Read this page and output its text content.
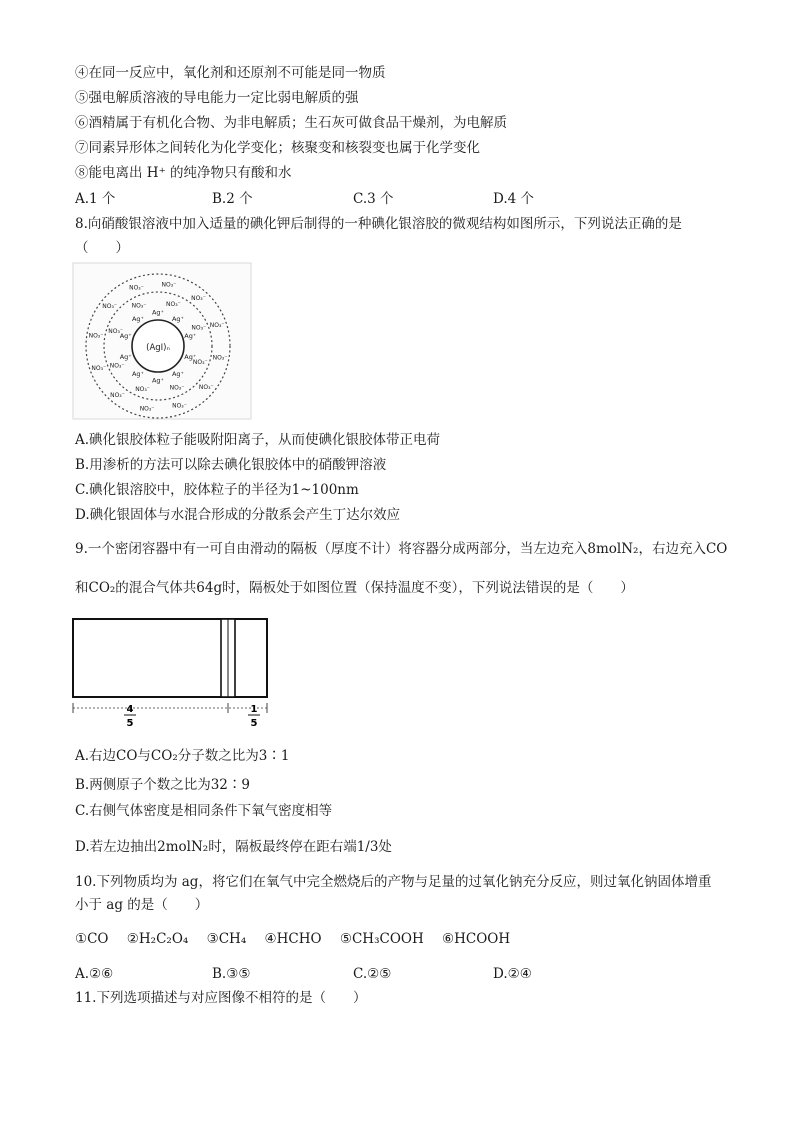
④在同一反应中，氧化剂和还原剂不可能是同一物质
⑤强电解质溶液的导电能力一定比弱电解质的强
⑥酒精属于有机化合物、为非电解质；生石灰可做食品干燥剂，为电解质
⑦同素异形体之间转化为化学变化；核聚变和核裂变也属于化学变化
⑧能电离出 H⁺ 的纯净物只有酸和水
A.1 个	B.2 个	C.3 个	D.4 个
8.向硝酸银溶液中加入适量的碘化钾后制得的一种碘化银溶胶的微观结构如图所示，下列说法正确的是
（　　）
(AgI)ₙ
Ag⁺
Ag⁺
Ag⁺
Ag⁺
Ag⁺
Ag⁺
Ag⁺
Ag⁺
Ag⁺
Ag⁺
NO₃⁻
NO₃⁻
NO₃⁻
NO₃⁻
NO₃⁻
NO₃⁻
NO₃⁻
NO₃⁻
NO₃⁻
NO₃⁻
NO₃⁻
NO₃⁻
NO₃⁻
NO₃⁻
NO₃⁻
NO₃⁻
NO₃⁻
NO₃⁻
NO₃⁻
NO₃⁻
A.碘化银胶体粒子能吸附阳离子，从而使碘化银胶体带正电荷
B.用渗析的方法可以除去碘化银胶体中的硝酸钾溶液
C.碘化银溶胶中，胶体粒子的半径为1~100nm
D.碘化银固体与水混合形成的分散系会产生丁达尔效应
9.一个密闭容器中有一可自由滑动的隔板（厚度不计）将容器分成两部分，当左边充入8molN₂，右边充入CO
和CO₂的混合气体共64g时，隔板处于如图位置（保持温度不变），下列说法错误的是（　　）
4
5
1
5
A.右边CO与CO₂分子数之比为3∶1
B.两侧原子个数之比为32∶9
C.右侧气体密度是相同条件下氧气密度相等
D.若左边抽出2molN₂时，隔板最终停在距右端1/3处
10.下列物质均为 ag，将它们在氧气中完全燃烧后的产物与足量的过氧化钠充分反应，则过氧化钠固体增重
小于 ag 的是（　　）
①CO ②H₂C₂O₄ ③CH₄ ④HCHO ⑤CH₃COOH ⑥HCOOH
A.②⑥	B.③⑤	C.②⑤	D.②④
11.下列选项描述与对应图像不相符的是（　　）
